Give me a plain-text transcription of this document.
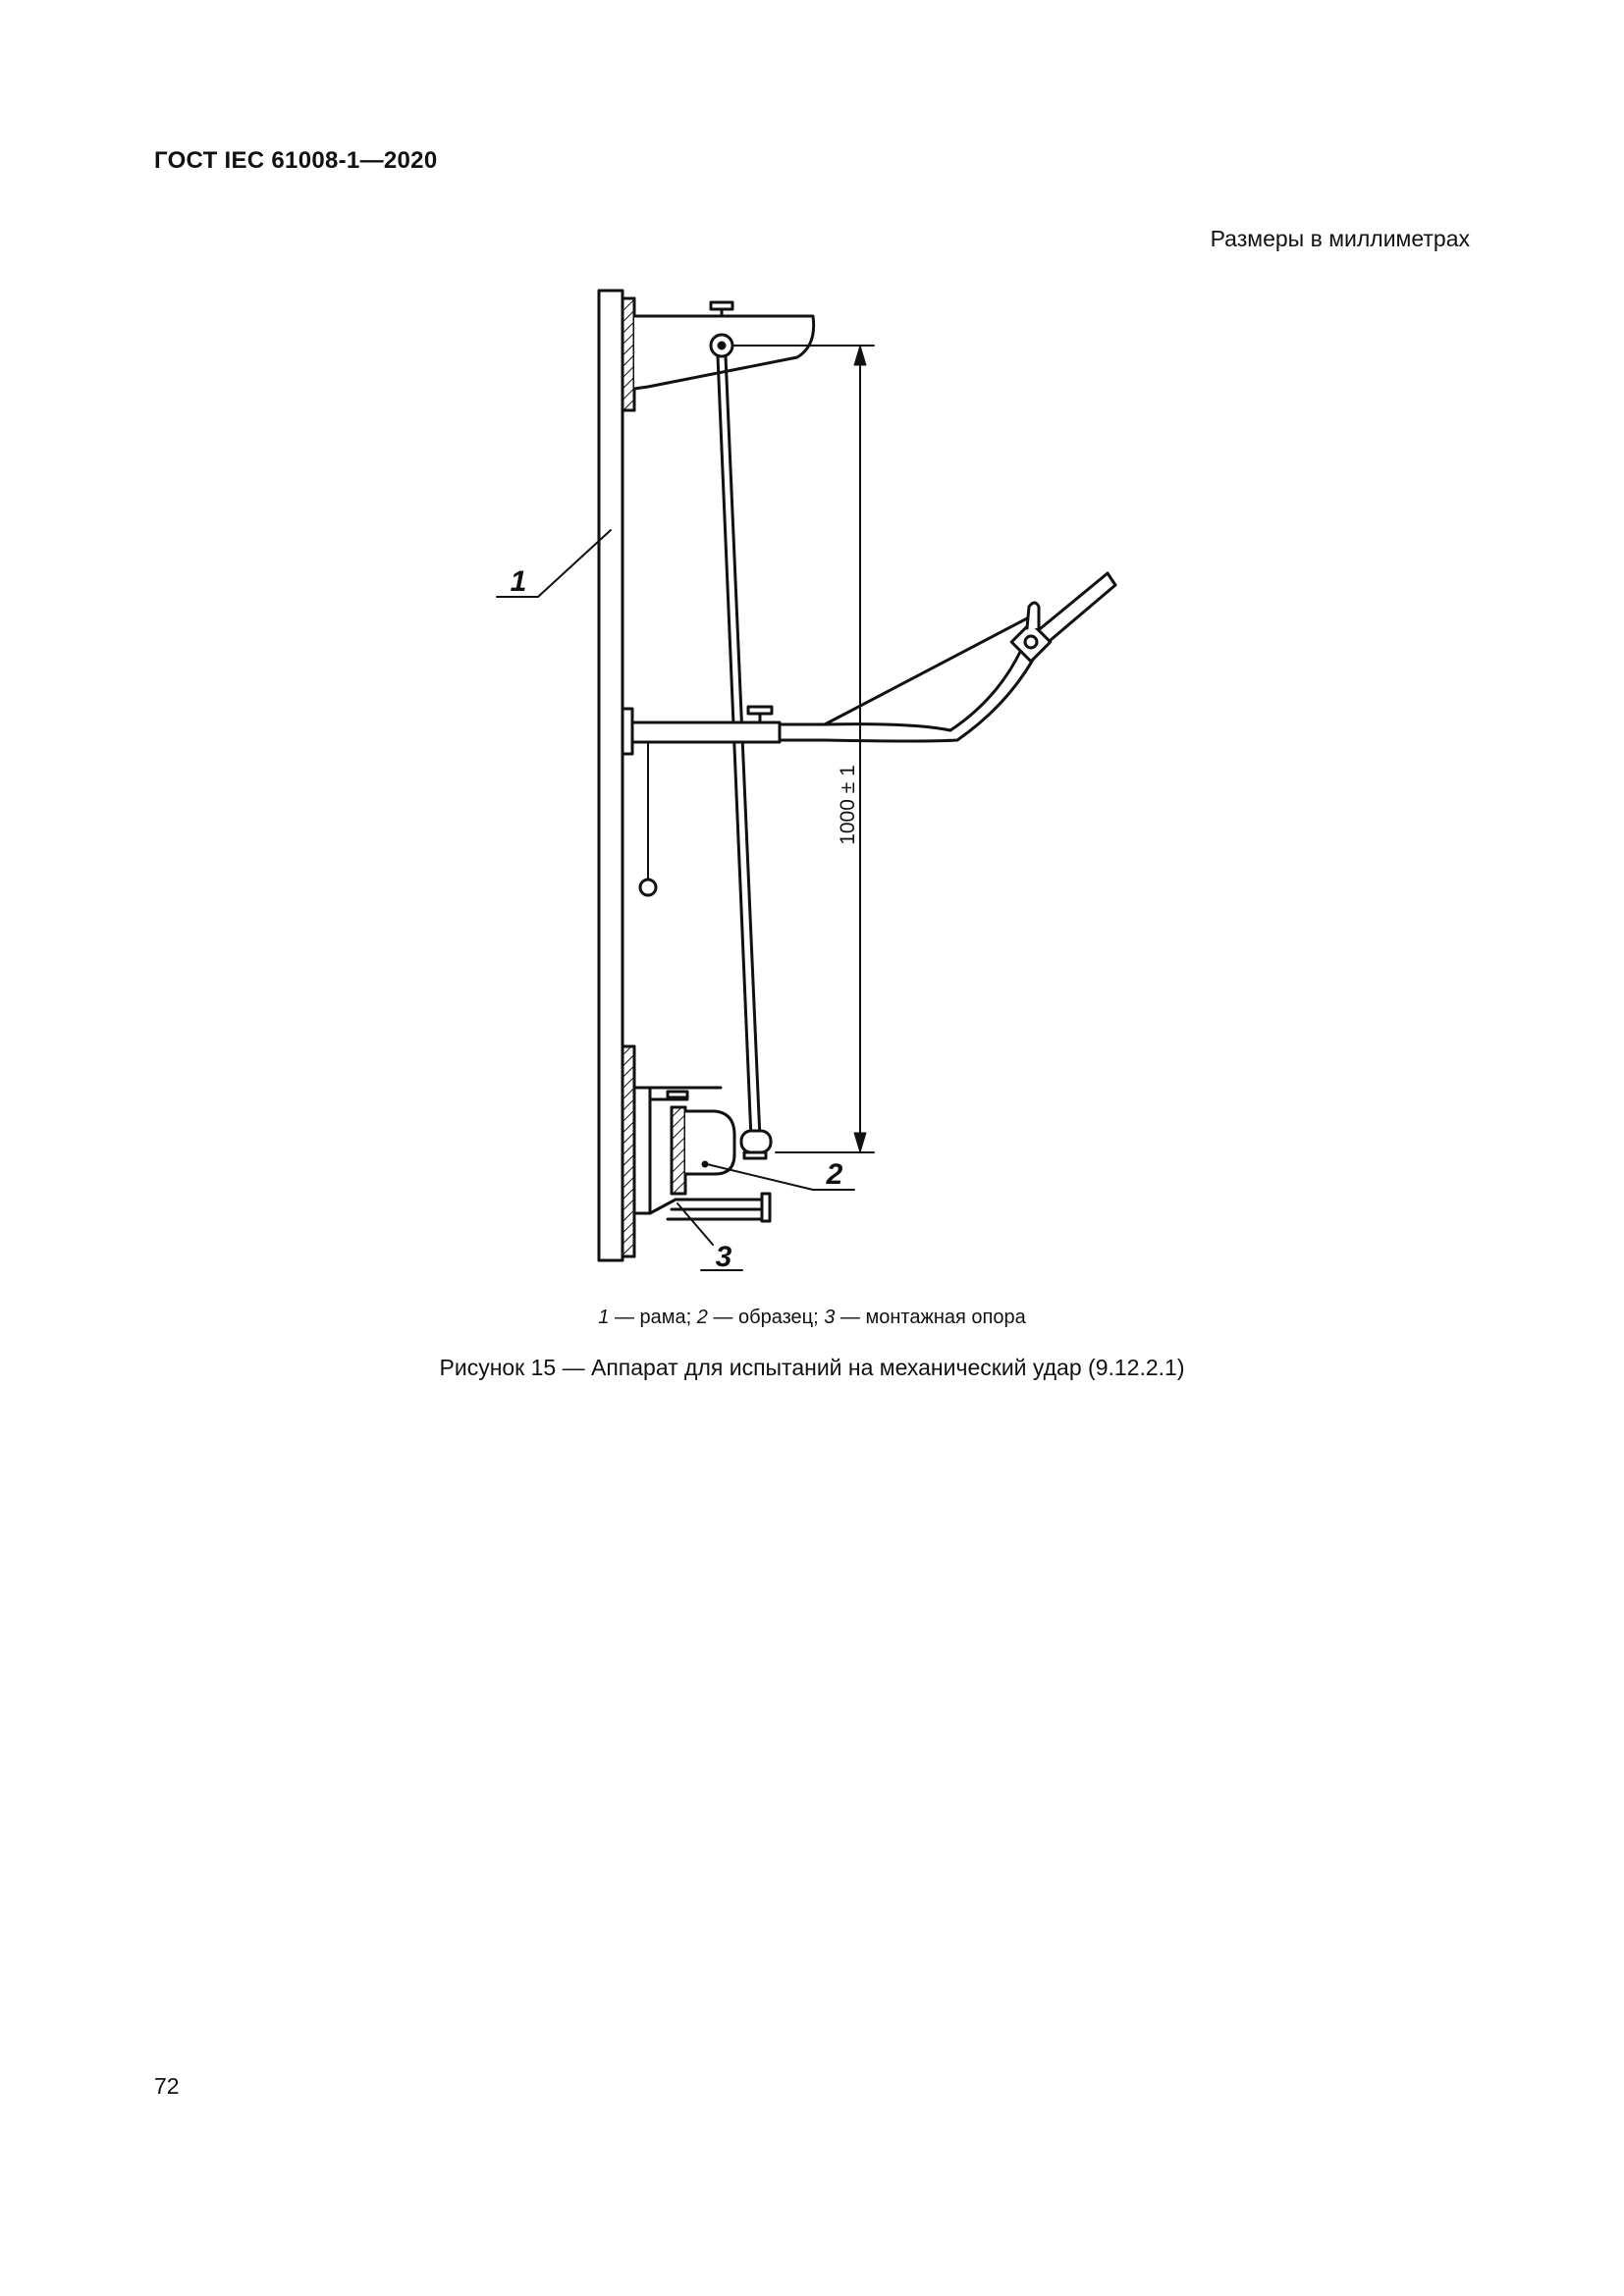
ГОСТ IEC 61008-1—2020
Размеры в миллиметрах
1000 ± 1
1
2
3
1 — рама; 2 — образец; 3 — монтажная опора
Рисунок 15 — Аппарат для испытаний на механический удар (9.12.2.1)
72
